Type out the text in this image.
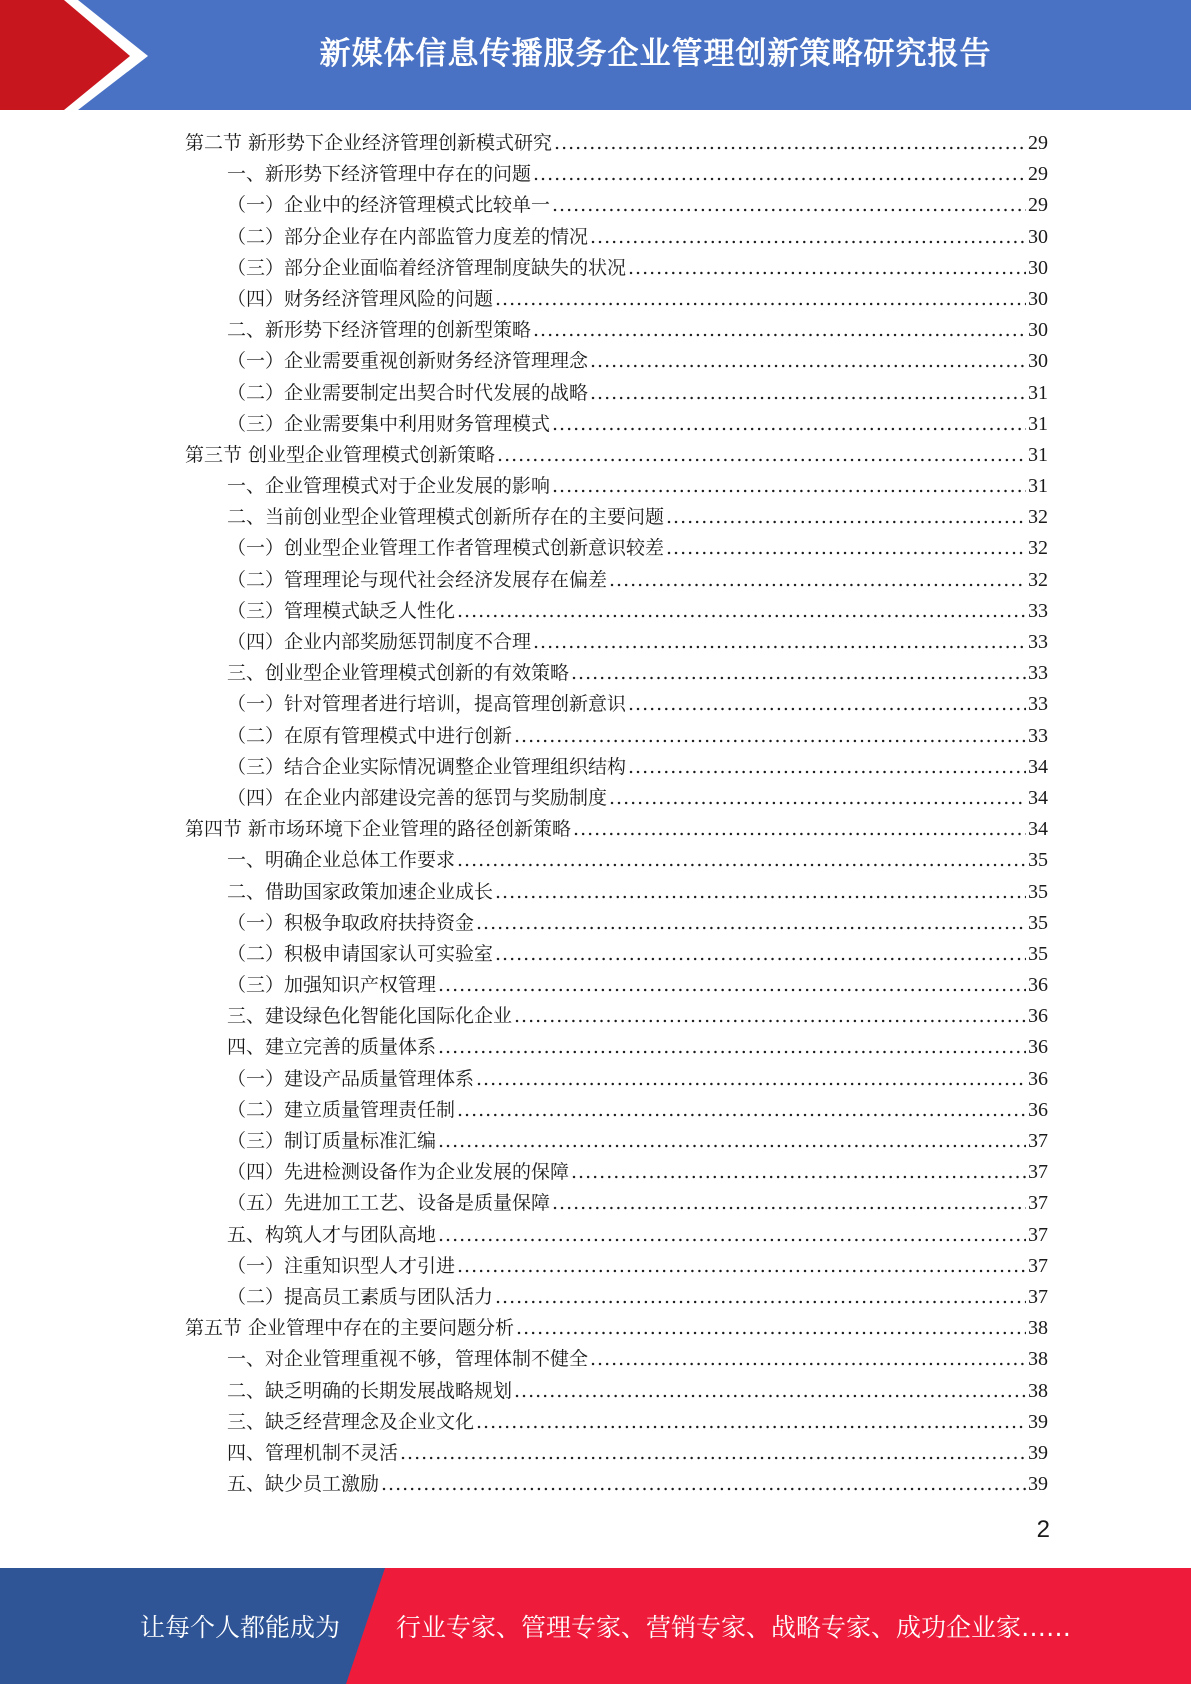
新媒体信息传播服务企业管理创新策略研究报告
第二节 新形势下企业经济管理创新模式研究 .....	29
一、新形势下经济管理中存在的问题 .....	29
（一）企业中的经济管理模式比较单一 .....	29
（二）部分企业存在内部监管力度差的情况 .....	30
（三）部分企业面临着经济管理制度缺失的状况 .....	30
（四）财务经济管理风险的问题 .....	30
二、新形势下经济管理的创新型策略 .....	30
（一）企业需要重视创新财务经济管理理念 .....	30
（二）企业需要制定出契合时代发展的战略 .....	31
（三）企业需要集中利用财务管理模式 .....	31
第三节 创业型企业管理模式创新策略 .....	31
一、企业管理模式对于企业发展的影响 .....	31
二、当前创业型企业管理模式创新所存在的主要问题 .....	32
（一）创业型企业管理工作者管理模式创新意识较差 .....	32
（二）管理理论与现代社会经济发展存在偏差 .....	32
（三）管理模式缺乏人性化 .....	33
（四）企业内部奖励惩罚制度不合理 .....	33
三、创业型企业管理模式创新的有效策略 .....	33
（一）针对管理者进行培训，提高管理创新意识 .....	33
（二）在原有管理模式中进行创新 .....	33
（三）结合企业实际情况调整企业管理组织结构 .....	34
（四）在企业内部建设完善的惩罚与奖励制度 .....	34
第四节 新市场环境下企业管理的路径创新策略 .....	34
一、明确企业总体工作要求 .....	35
二、借助国家政策加速企业成长 .....	35
（一）积极争取政府扶持资金 .....	35
（二）积极申请国家认可实验室 .....	35
（三）加强知识产权管理 .....	36
三、建设绿色化智能化国际化企业 .....	36
四、建立完善的质量体系 .....	36
（一）建设产品质量管理体系 .....	36
（二）建立质量管理责任制 .....	36
（三）制订质量标准汇编 .....	37
（四）先进检测设备作为企业发展的保障 .....	37
（五）先进加工工艺、设备是质量保障 .....	37
五、构筑人才与团队高地 .....	37
（一）注重知识型人才引进 .....	37
（二）提高员工素质与团队活力 .....	37
第五节 企业管理中存在的主要问题分析 .....	38
一、对企业管理重视不够，管理体制不健全 .....	38
二、缺乏明确的长期发展战略规划 .....	38
三、缺乏经营理念及企业文化 .....	39
四、管理机制不灵活 .....	39
五、缺少员工激励 .....	39
2
让每个人都能成为	行业专家、管理专家、营销专家、战略专家、成功企业家……
